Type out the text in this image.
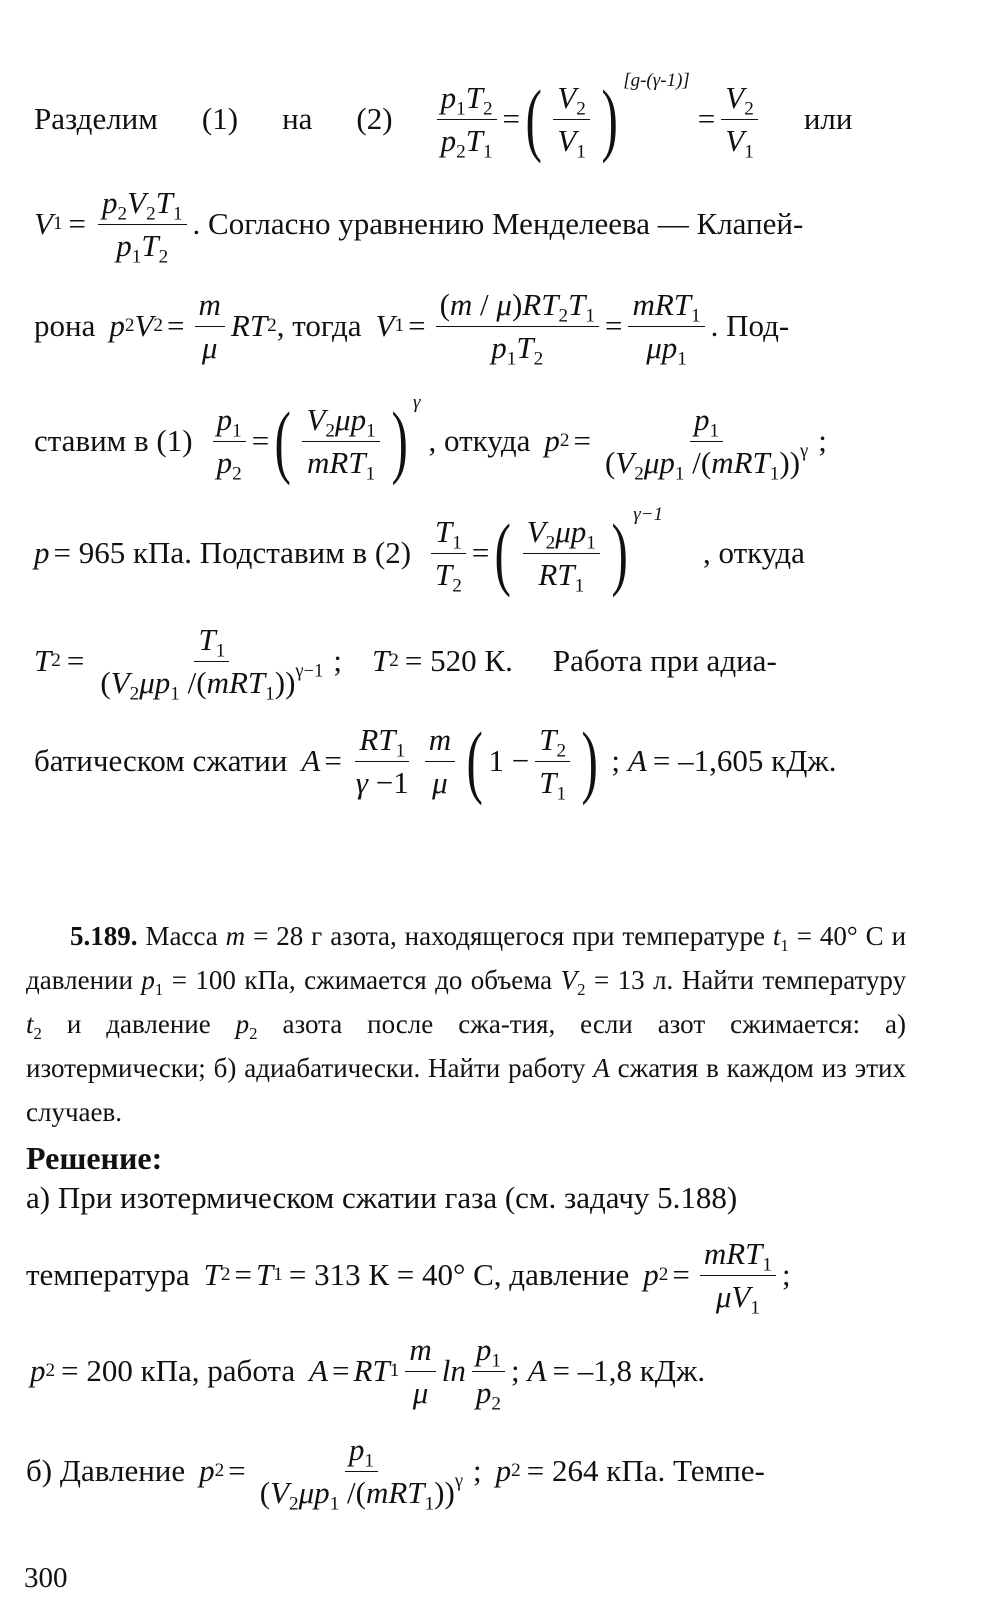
Разделим (1) на $(2) \frac{p_1T_2}{p_2T_1}$ = ( $\frac{V_2}{V_1}$ ) [g-(γ-1)]
= $\frac{V_2}{V_1}$ или
V $1 = \frac{p_2V_2T_1}{p_1T_2}$ . Согласно уравнению Менделеева — Клапей-
рона p 2 V $2 = \frac{m}{\mu}$ RT 2 , тогда V $1 = \frac{(m / \mu)RT_2T_1}{p_1T_2} = \frac{mRT_1}{\mu p_1}$ . Под-
ставим в $(1) \frac{p_1}{p_2}$ = ( $\frac{V_2\mu p_1}{mRT_1}$ ) γ
, откуда p $2 = \frac{p_1}{(V_2\mu p_1 /(mRT_1))^\gamma}$ ;
p = 965 кПа. Подставим в $(2) \frac{T_1}{T_2}$ = ( $\frac{V_2\mu p_1}{RT_1}$ ) γ−1
, откуда
T $2 = \frac{T_1}{(V_2\mu p_1 /(mRT_1))^{\gamma-1}}$ ; T 2 = 520 К. Работа при адиа-
батическом сжатии $A = \frac{RT_1}{\gamma -1} \frac{m}{\mu}$ ( $1 - \frac{T_2}{T_1}$ ) ; A = –1,605 кДж.
5.189. Масса m = 28 г азота, находящегося при температуре $t_1 = 40^\circ$ С и давлении $p_1 = 100$ кПа, сжимается до объема $V_2 = 13$ л. Найти температуру $t_2$ и давление $p_2$ азота после сжа-тия, если азот сжимается: а) изотермически; б) адиабатически. Найти работу A сжатия в каждом из этих случаев.
Решение:
а) При изотермическом сжатии газа (см. задачу 5.188)
температура T 2 = T 1 = 313 К = 40° С, давление p $2 = \frac{mRT_1}{\mu V_1}$ ;
p 2 = 200 кПа, работа A = RT $1 \frac{m}{\mu}$ $\ln \frac{p_1}{p_2}$ ; A = –1,8 кДж.
б) Давление p $2 = \frac{p_1}{(V_2\mu p_1 /(mRT_1))^\gamma}$ ; p 2 = 264 кПа. Темпе-
300
